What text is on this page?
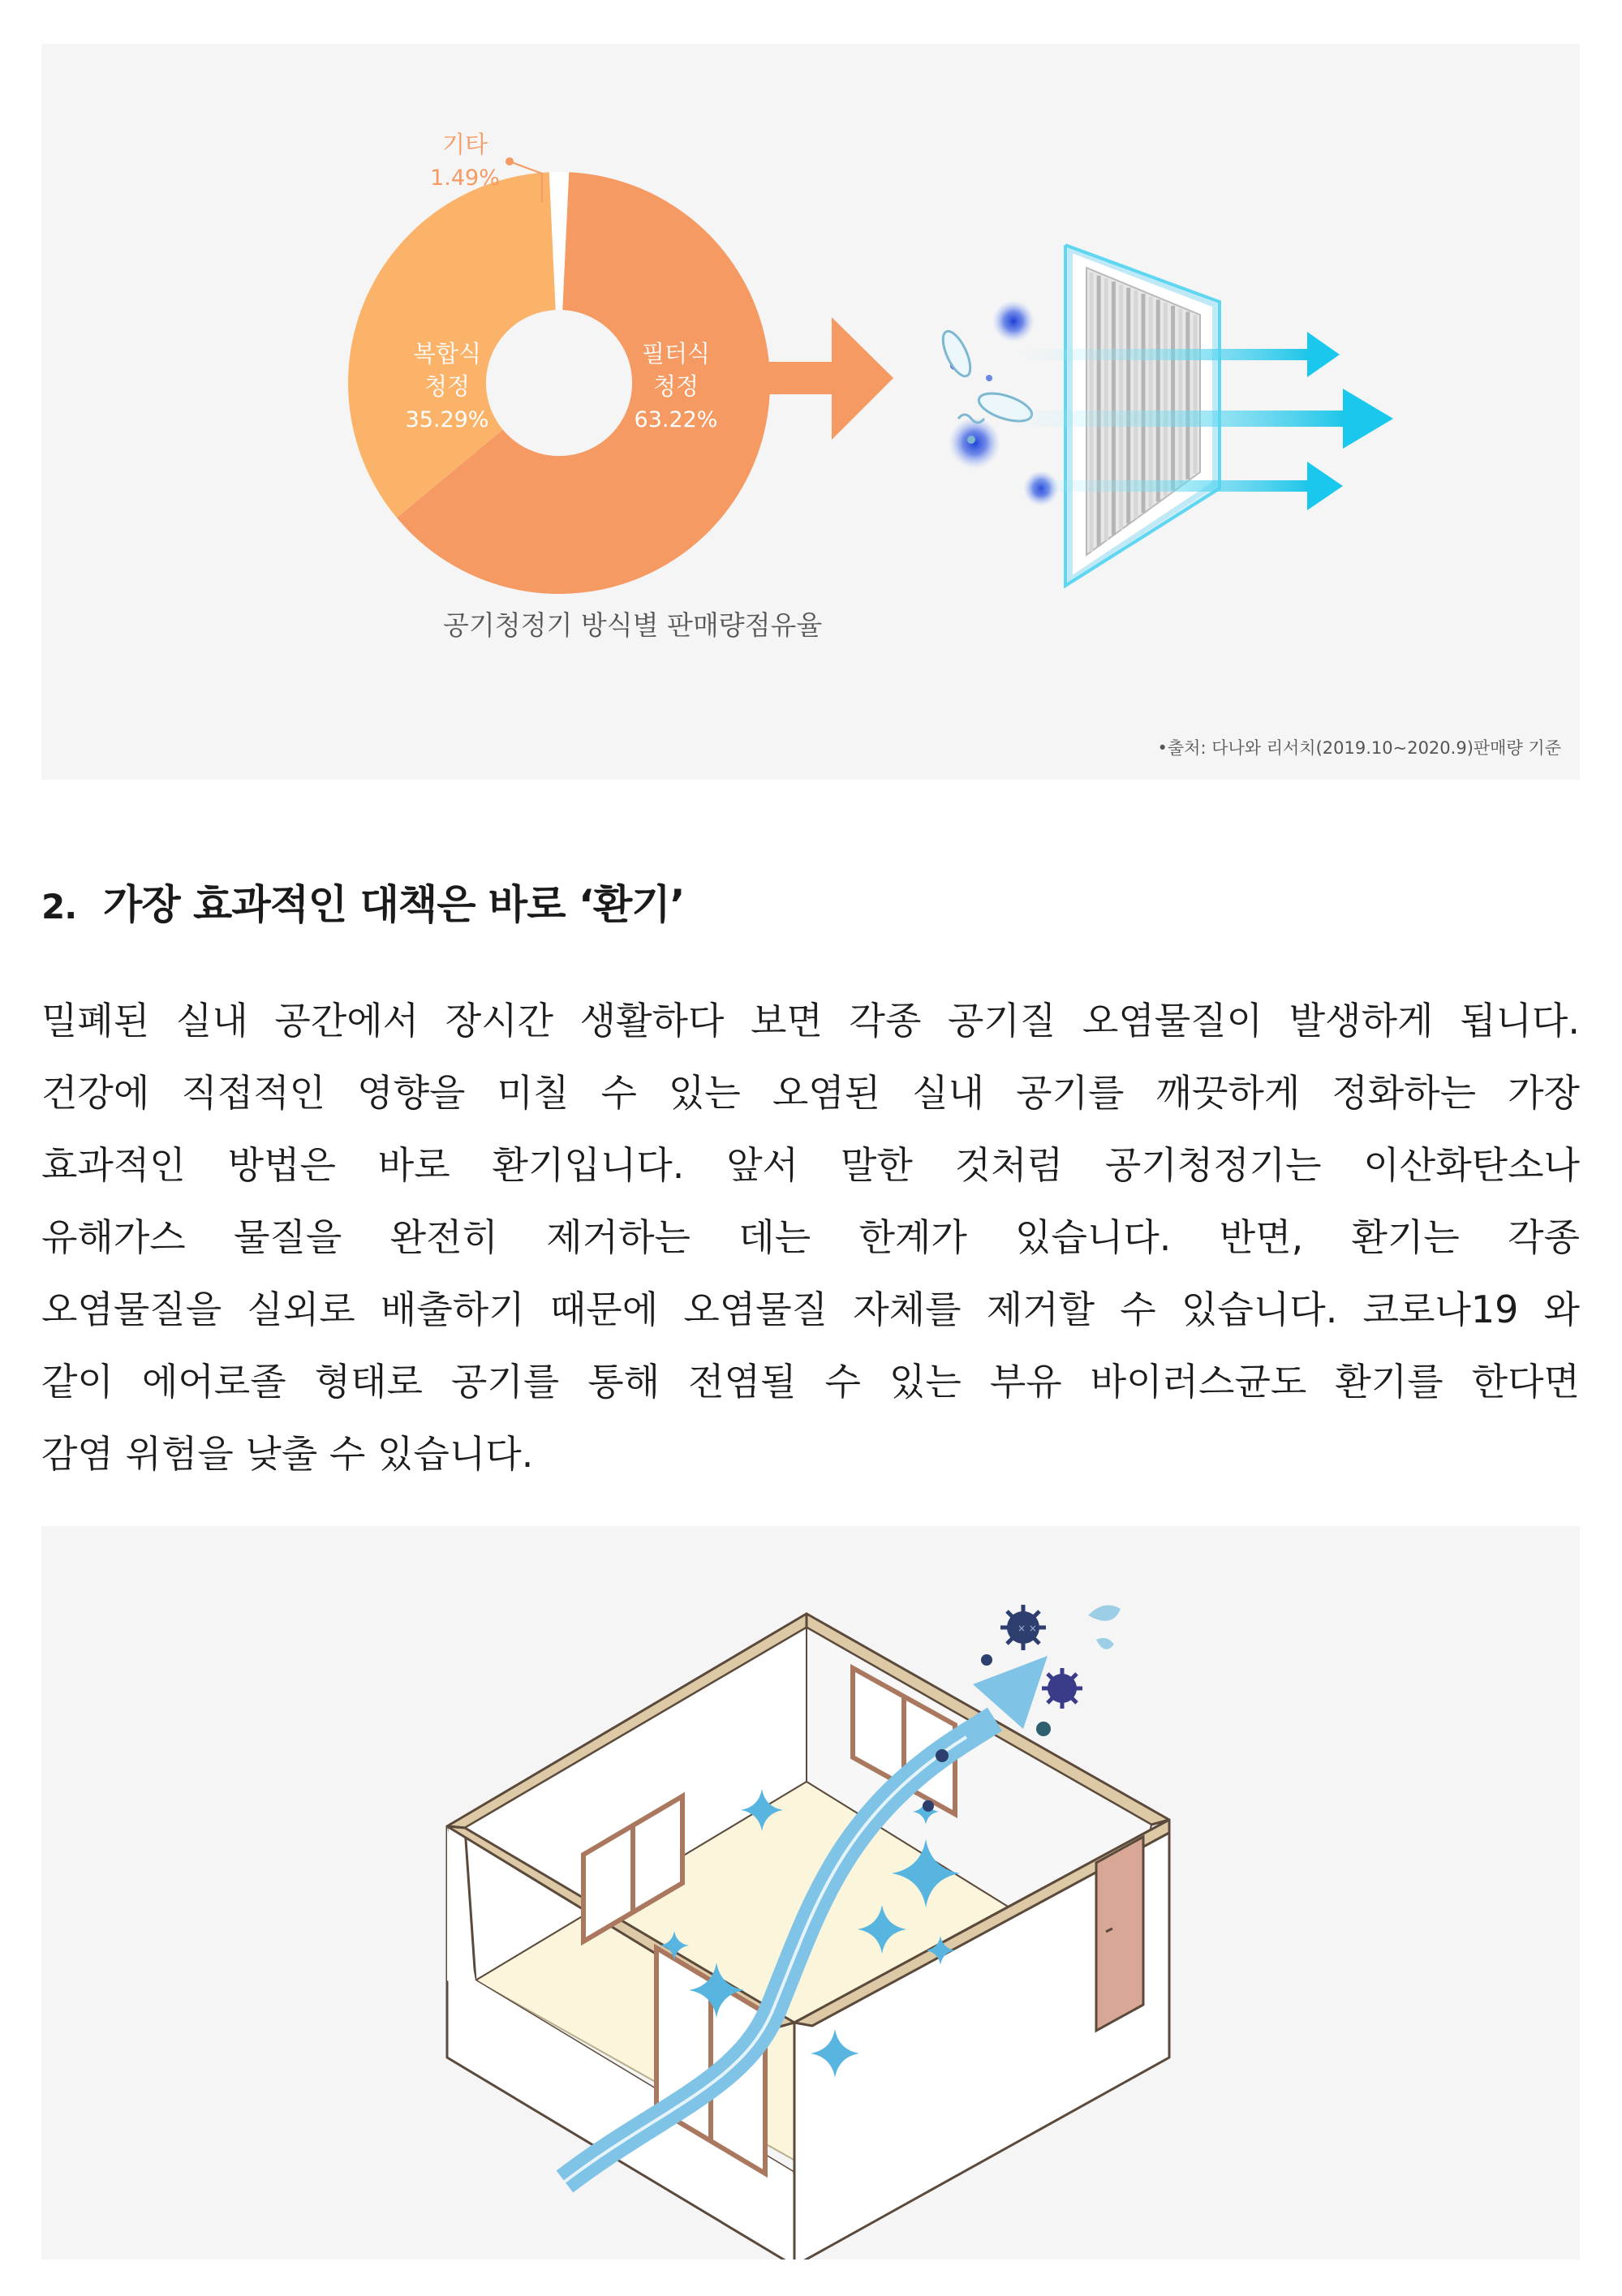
필터식
청정
63.22%
복합식
청정
35.29%
기타
1.49%
공기청정기 방식별 판매량점유율
•출처: 다나와 리서치(2019.10~2020.9)판매량 기준
2. 가장 효과적인 대책은 바로 ‘환기’
밀폐된 실내 공간에서 장시간 생활하다 보면 각종 공기질 오염물질이 발생하게 됩니다.
건강에 직접적인 영향을 미칠 수 있는 오염된 실내 공기를 깨끗하게 정화하는 가장
효과적인 방법은 바로 환기입니다. 앞서 말한 것처럼 공기청정기는 이산화탄소나
유해가스 물질을 완전히 제거하는 데는 한계가 있습니다. 반면, 환기는 각종
오염물질을 실외로 배출하기 때문에 오염물질 자체를 제거할 수 있습니다. 코로나19 와
같이 에어로졸 형태로 공기를 통해 전염될 수 있는 부유 바이러스균도 환기를 한다면
감염 위험을 낮출 수 있습니다.
× ×
